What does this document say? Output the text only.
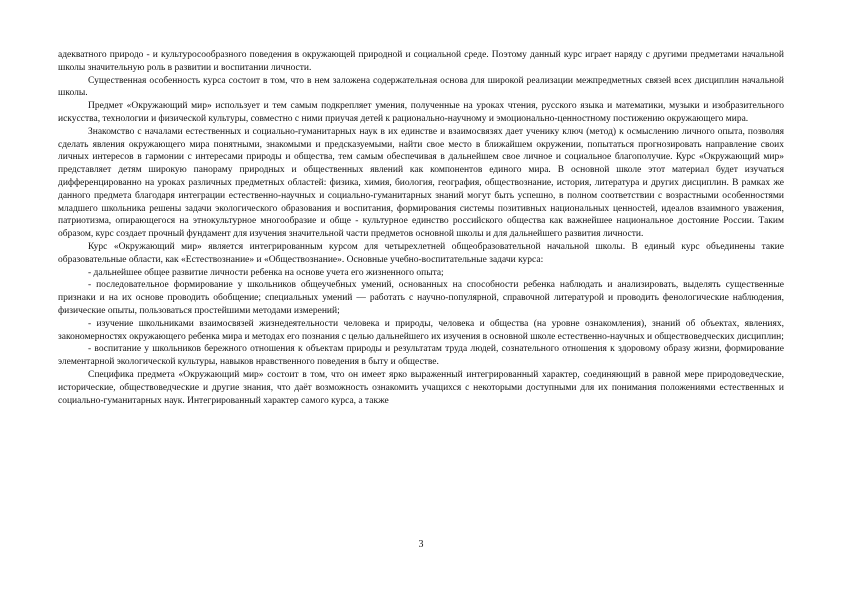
адекватного природо - и культуросообразного поведения в окружающей природной и социальной среде. Поэтому данный курс играет наряду с другими предметами начальной школы значительную роль в развитии и воспитании личности.

Существенная особенность курса состоит в том, что в нем заложена содержательная основа для широкой реализации межпредметных связей всех дисциплин начальной школы.

Предмет «Окружающий мир» использует и тем самым подкрепляет умения, полученные на уроках чтения, русского языка и математики, музыки и изобразительного искусства, технологии и физической культуры, совместно с ними приучая детей к рационально-научному и эмоционально-ценностному постижению окружающего мира.

Знакомство с началами естественных и социально-гуманитарных наук в их единстве и взаимосвязях дает ученику ключ (метод) к осмыслению личного опыта, позволяя сделать явления окружающего мира понятными, знакомыми и предсказуемыми, найти свое место в ближайшем окружении, попытаться прогнозировать направление своих личных интересов в гармонии с интересами природы и общества, тем самым обеспечивая в дальнейшем свое личное и социальное благополучие. Курс «Окружающий мир» представляет детям широкую панораму природных и общественных явлений как компонентов единого мира. В основной школе этот материал будет изучаться дифференцированно на уроках различных предметных областей: физика, химия, биология, география, обществознание, история, литература и других дисциплин. В рамках же данного предмета благодаря интеграции естественно-научных и социально-гуманитарных знаний могут быть успешно, в полном соответствии с возрастными особенностями младшего школьника решены задачи экологического образования и воспитания, формирования системы позитивных национальных ценностей, идеалов взаимного уважения, патриотизма, опирающегося на этнокультурное многообразие и обще - культурное единство российского общества как важнейшее национальное достояние России. Таким образом, курс создает прочный фундамент для изучения значительной части предметов основной школы и для дальнейшего развития личности.

Курс «Окружающий мир» является интегрированным курсом для четырехлетней общеобразовательной начальной школы. В единый курс объединены такие образовательные области, как «Естествознание» и «Обществознание». Основные учебно-воспитательные задачи курса:

- дальнейшее общее развитие личности ребенка на основе учета его жизненного опыта;

- последовательное формирование у школьников общеучебных умений, основанных на способности ребенка наблюдать и анализировать, выделять существенные признаки и на их основе проводить обобщение; специальных умений — работать с научно-популярной, справочной литературой и проводить фенологические наблюдения, физические опыты, пользоваться простейшими методами измерений;

- изучение школьниками взаимосвязей жизнедеятельности человека и природы, человека и общества (на уровне ознакомления), знаний об объектах, явлениях, закономерностях окружающего ребенка мира и методах его познания с целью дальнейшего их изучения в основной школе естественно-научных и обществоведческих дисциплин;

- воспитание у школьников бережного отношения к объектам природы и результатам труда людей, сознательного отношения к здоровому образу жизни, формирование элементарной экологической культуры, навыков нравственного поведения в быту и обществе.

Специфика предмета «Окружающий мир» состоит в том, что он имеет ярко выраженный интегрированный характер, соединяющий в равной мере природоведческие, исторические, обществоведческие и другие знания, что даёт возможность ознакомить учащихся с некоторыми доступными для их понимания положениями естественных и социально-гуманитарных наук. Интегрированный характер самого курса, а также

3
